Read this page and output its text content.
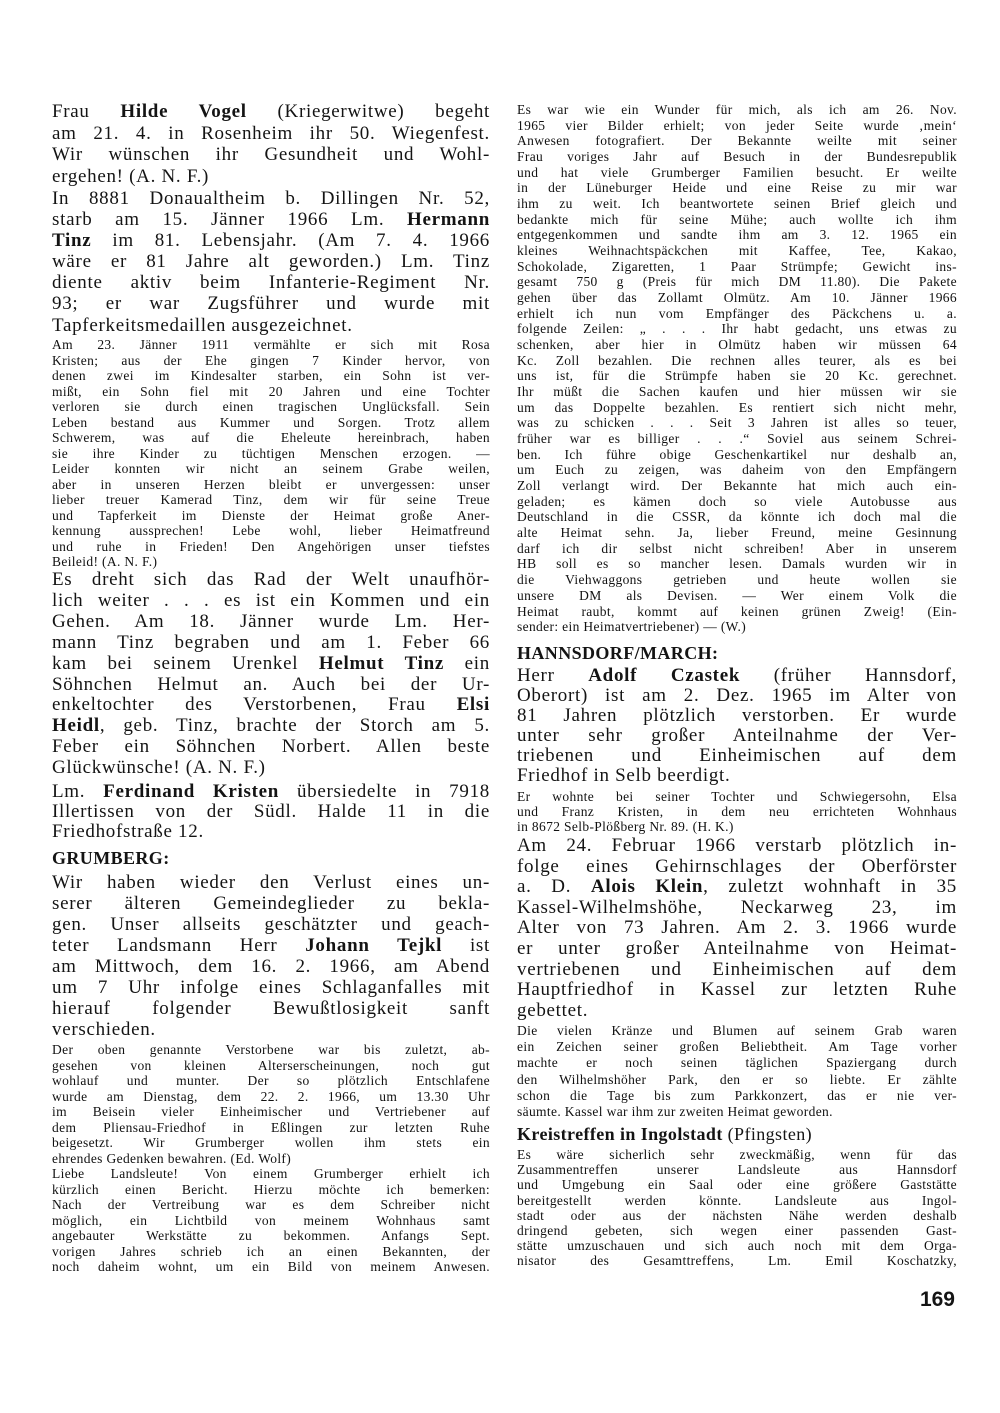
Frau Hilde Vogel (Kriegerwitwe) begeht
am 21. 4. in Rosenheim ihr 50. Wiegenfest.
Wir wünschen ihr Gesundheit und Wohl-
ergehen! (A. N. F.)
In 8881 Donaualtheim b. Dillingen Nr. 52,
starb am 15. Jänner 1966 Lm. Hermann
Tinz im 81. Lebensjahr. (Am 7. 4. 1966
wäre er 81 Jahre alt geworden.) Lm. Tinz
diente aktiv beim Infanterie-Regiment Nr.
93; er war Zugsführer und wurde mit
Tapferkeitsmedaillen ausgezeichnet.
Am 23. Jänner 1911 vermählte er sich mit Rosa
Kristen; aus der Ehe gingen 7 Kinder hervor, von
denen zwei im Kindesalter starben, ein Sohn ist ver-
mißt, ein Sohn fiel mit 20 Jahren und eine Tochter
verloren sie durch einen tragischen Unglücksfall. Sein
Leben bestand aus Kummer und Sorgen. Trotz allem
Schwerem, was auf die Eheleute hereinbrach, haben
sie ihre Kinder zu tüchtigen Menschen erzogen. —
Leider konnten wir nicht an seinem Grabe weilen,
aber in unseren Herzen bleibt er unvergessen: unser
lieber treuer Kamerad Tinz, dem wir für seine Treue
und Tapferkeit im Dienste der Heimat große Aner-
kennung aussprechen! Lebe wohl, lieber Heimatfreund
und ruhe in Frieden! Den Angehörigen unser tiefstes
Beileid! (A. N. F.)
Es dreht sich das Rad der Welt unaufhör-
lich weiter . . . es ist ein Kommen und ein
Gehen. Am 18. Jänner wurde Lm. Her-
mann Tinz begraben und am 1. Feber 66
kam bei seinem Urenkel Helmut Tinz ein
Söhnchen Helmut an. Auch bei der Ur-
enkeltochter des Verstorbenen, Frau Elsi
Heidl, geb. Tinz, brachte der Storch am 5.
Feber ein Söhnchen Norbert. Allen beste
Glückwünsche! (A. N. F.)
Lm. Ferdinand Kristen übersiedelte in 7918
Illertissen von der Südl. Halde 11 in die
Friedhofstraße 12.
GRUMBERG:
Wir haben wieder den Verlust eines un-
serer älteren Gemeindeglieder zu bekla-
gen. Unser allseits geschätzter und geach-
teter Landsmann Herr Johann Tejkl ist
am Mittwoch, dem 16. 2. 1966, am Abend
um 7 Uhr infolge eines Schlaganfalles mit
hierauf folgender Bewußtlosigkeit sanft
verschieden.
Der oben genannte Verstorbene war bis zuletzt, ab-
gesehen von kleinen Alterserscheinungen, noch gut
wohlauf und munter. Der so plötzlich Entschlafene
wurde am Dienstag, dem 22. 2. 1966, um 13.30 Uhr
im Beisein vieler Einheimischer und Vertriebener auf
dem Pliensau-Friedhof in Eßlingen zur letzten Ruhe
beigesetzt. Wir Grumberger wollen ihm stets ein
ehrendes Gedenken bewahren. (Ed. Wolf)
Liebe Landsleute! Von einem Grumberger erhielt ich
kürzlich einen Bericht. Hierzu möchte ich bemerken:
Nach der Vertreibung war es dem Schreiber nicht
möglich, ein Lichtbild von meinem Wohnhaus samt
angebauter Werkstätte zu bekommen. Anfangs Sept.
vorigen Jahres schrieb ich an einen Bekannten, der
noch daheim wohnt, um ein Bild von meinem Anwesen.
Es war wie ein Wunder für mich, als ich am 26. Nov.
1965 vier Bilder erhielt; von jeder Seite wurde ‚mein‘
Anwesen fotografiert. Der Bekannte weilte mit seiner
Frau voriges Jahr auf Besuch in der Bundesrepublik
und hat viele Grumberger Familien besucht. Er weilte
in der Lüneburger Heide und eine Reise zu mir war
ihm zu weit. Ich beantwortete seinen Brief gleich und
bedankte mich für seine Mühe; auch wollte ich ihm
entgegenkommen und sandte ihm am 3. 12. 1965 ein
kleines Weihnachtspäckchen mit Kaffee, Tee, Kakao,
Schokolade, Zigaretten, 1 Paar Strümpfe; Gewicht ins-
gesamt 750 g (Preis für mich DM 11.80). Die Pakete
gehen über das Zollamt Olmütz. Am 10. Jänner 1966
erhielt ich nun vom Empfänger des Päckchens u. a.
folgende Zeilen: „ . . . Ihr habt gedacht, uns etwas zu
schenken, aber hier in Olmütz haben wir müssen 64
Kc. Zoll bezahlen. Die rechnen alles teurer, als es bei
uns ist, für die Strümpfe haben sie 20 Kc. gerechnet.
Ihr müßt die Sachen kaufen und hier müssen wir sie
um das Doppelte bezahlen. Es rentiert sich nicht mehr,
was zu schicken . . . Seit 3 Jahren ist alles so teuer,
früher war es billiger . . .“ Soviel aus seinem Schrei-
ben. Ich führe obige Geschenkartikel nur deshalb an,
um Euch zu zeigen, was daheim von den Empfängern
Zoll verlangt wird. Der Bekannte hat mich auch ein-
geladen; es kämen doch so viele Autobusse aus
Deutschland in die CSSR, da könnte ich doch mal die
alte Heimat sehn. Ja, lieber Freund, meine Gesinnung
darf ich dir selbst nicht schreiben! Aber in unserem
HB soll es so mancher lesen. Damals wurden wir in
die Viehwaggons getrieben und heute wollen sie
unsere DM als Devisen. — Wer einem Volk die
Heimat raubt, kommt auf keinen grünen Zweig! (Ein-
sender: ein Heimatvertriebener) — (W.)
HANNSDORF/MARCH:
Herr Adolf Czastek (früher Hannsdorf,
Oberort) ist am 2. Dez. 1965 im Alter von
81 Jahren plötzlich verstorben. Er wurde
unter sehr großer Anteilnahme der Ver-
triebenen und Einheimischen auf dem
Friedhof in Selb beerdigt.
Er wohnte bei seiner Tochter und Schwiegersohn, Elsa
und Franz Kristen, in dem neu errichteten Wohnhaus
in 8672 Selb-Plößberg Nr. 89. (H. K.)
Am 24. Februar 1966 verstarb plötzlich in-
folge eines Gehirnschlages der Oberförster
a. D. Alois Klein, zuletzt wohnhaft in 35
Kassel-Wilhelmshöhe, Neckarweg 23, im
Alter von 73 Jahren. Am 2. 3. 1966 wurde
er unter großer Anteilnahme von Heimat-
vertriebenen und Einheimischen auf dem
Hauptfriedhof in Kassel zur letzten Ruhe
gebettet.
Die vielen Kränze und Blumen auf seinem Grab waren
ein Zeichen seiner großen Beliebtheit. Am Tage vorher
machte er noch seinen täglichen Spaziergang durch
den Wilhelmshöher Park, den er so liebte. Er zählte
schon die Tage bis zum Parkkonzert, das er nie ver-
säumte. Kassel war ihm zur zweiten Heimat geworden.
Kreistreffen in Ingolstadt (Pfingsten)
Es wäre sicherlich sehr zweckmäßig, wenn für das
Zusammentreffen unserer Landsleute aus Hannsdorf
und Umgebung ein Saal oder eine größere Gaststätte
bereitgestellt werden könnte. Landsleute aus Ingol-
stadt oder aus der nächsten Nähe werden deshalb
dringend gebeten, sich wegen einer passenden Gast-
stätte umzuschauen und sich auch noch mit dem Orga-
nisator des Gesamttreffens, Lm. Emil Koschatzky,
169
